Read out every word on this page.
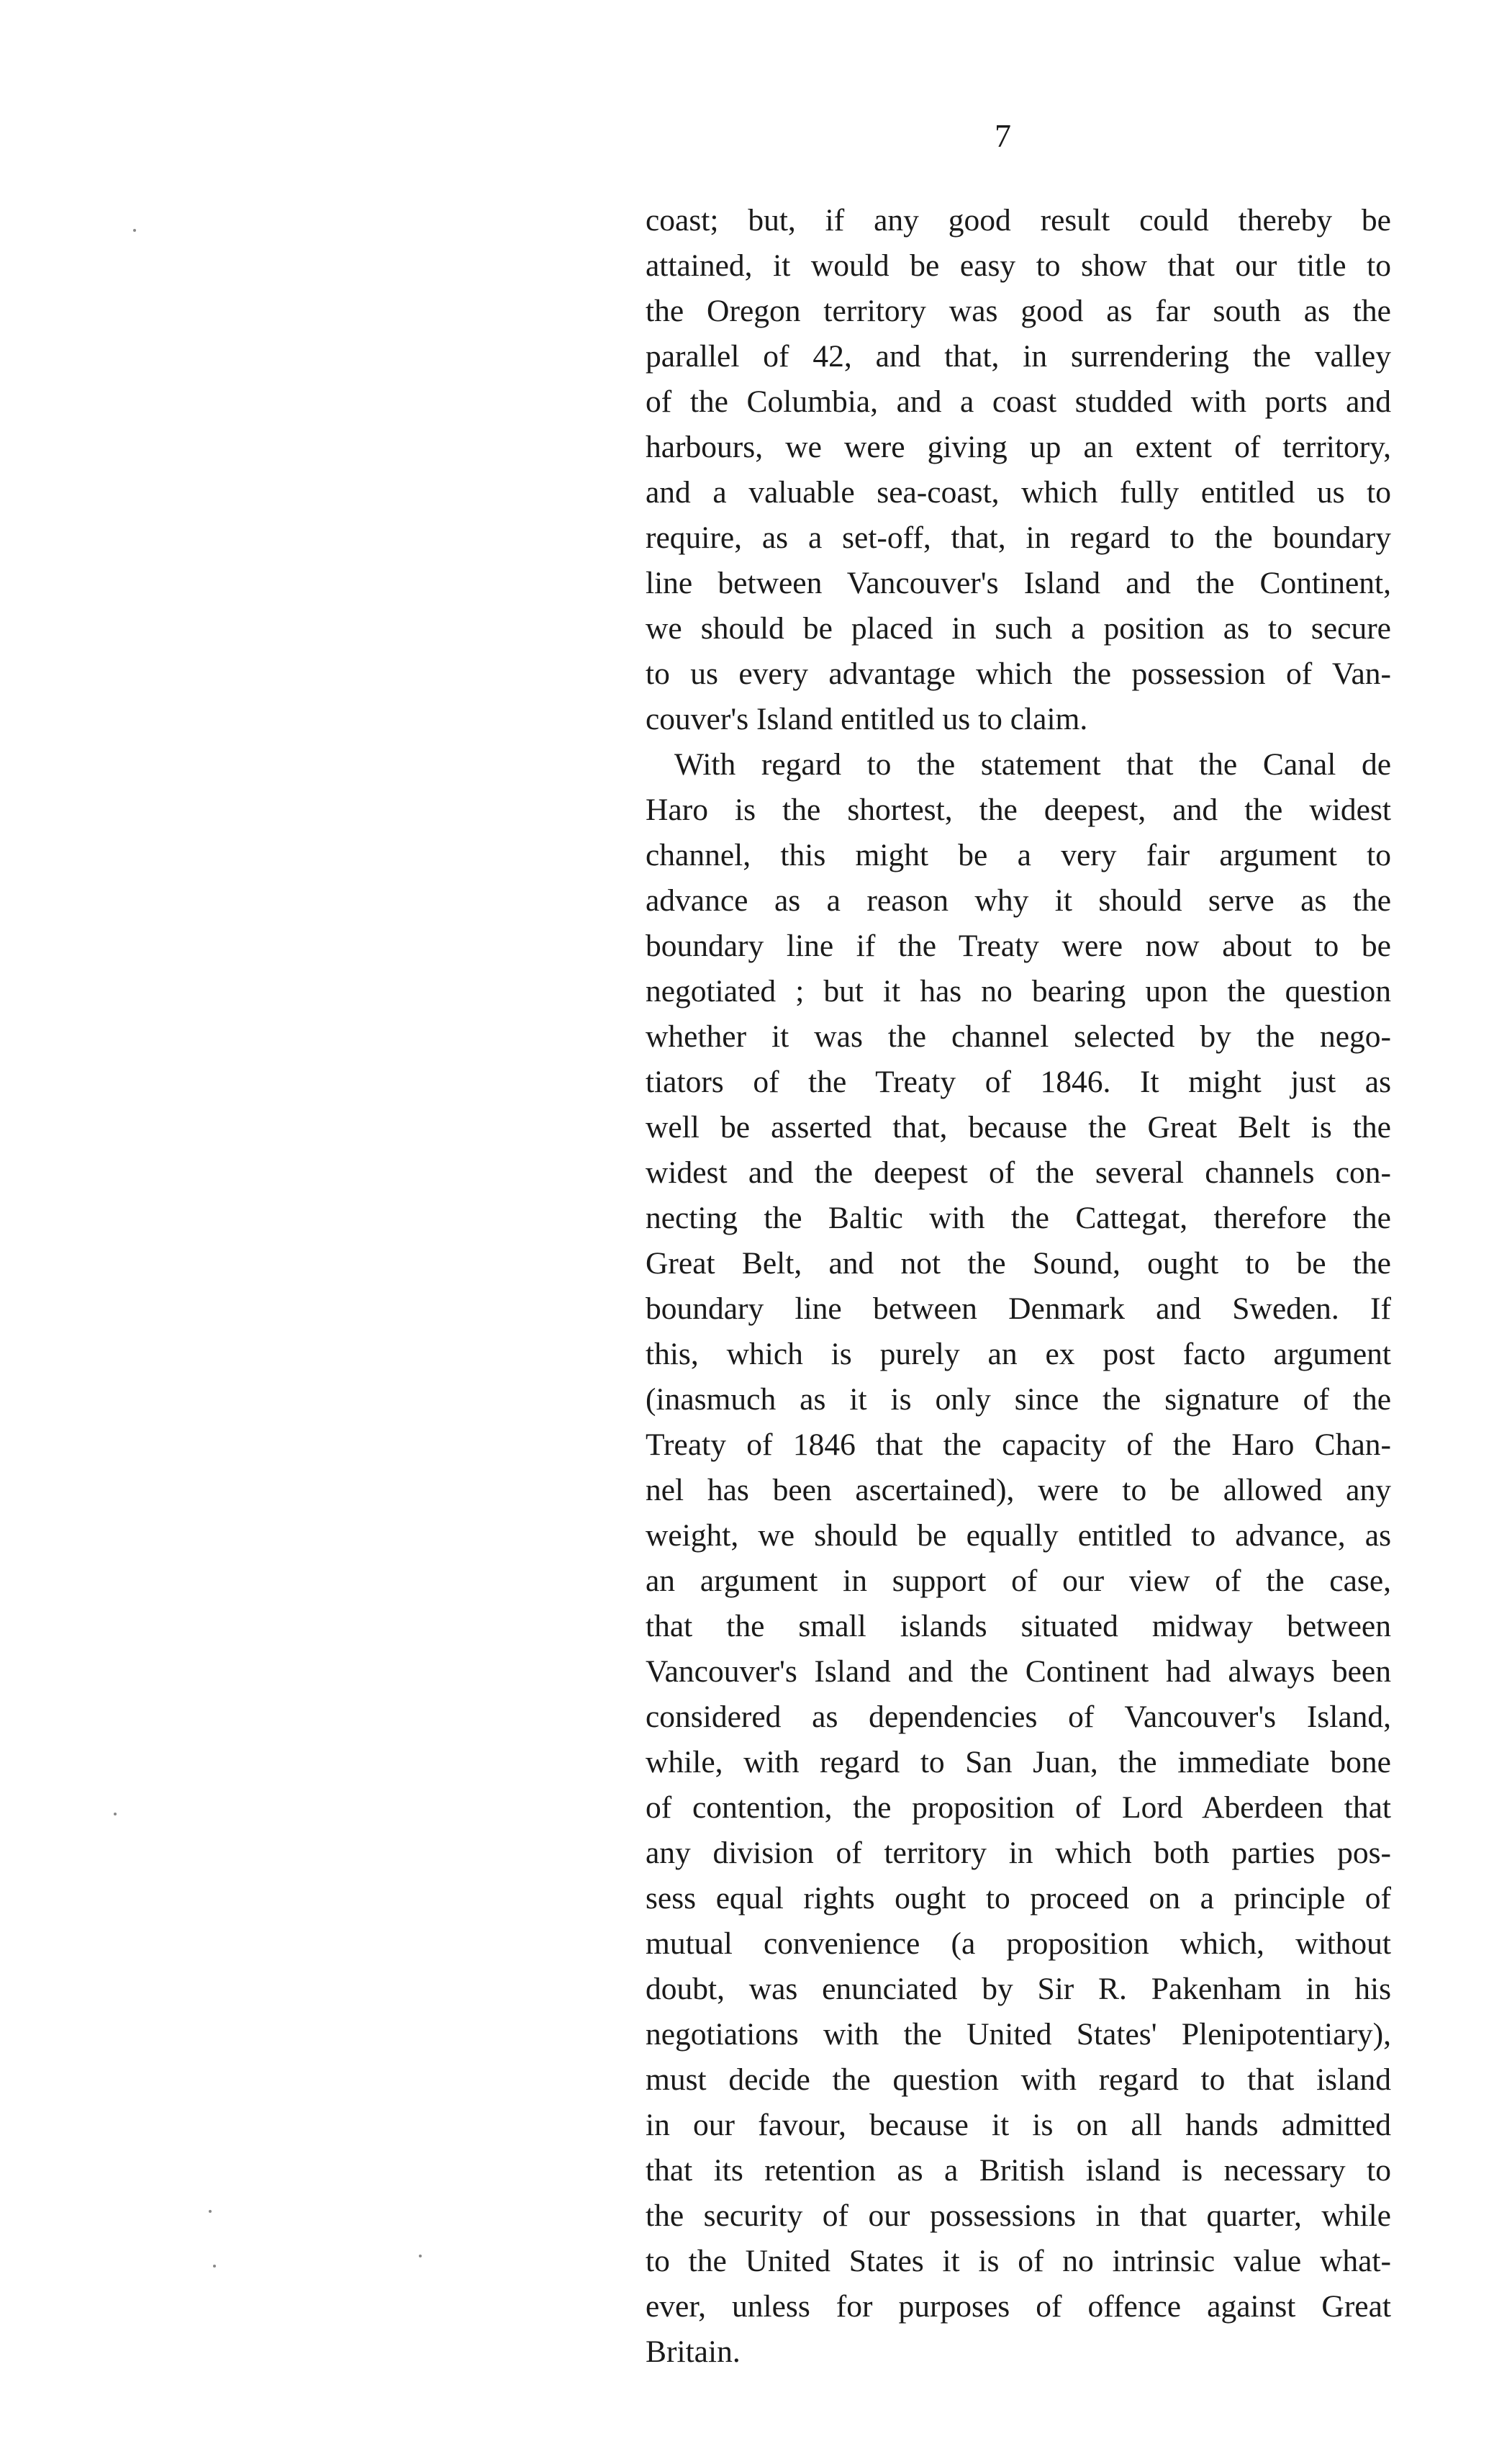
7
coast; but, if any good result could thereby be
attained, it would be easy to show that our title to
the Oregon territory was good as far south as the
parallel of 42, and that, in surrendering the valley
of the Columbia, and a coast studded with ports and
harbours, we were giving up an extent of territory,
and a valuable sea-coast, which fully entitled us to
require, as a set-off, that, in regard to the boundary
line between Vancouver's Island and the Continent,
we should be placed in such a position as to secure
to us every advantage which the possession of Van-
couver's Island entitled us to claim.
With regard to the statement that the Canal de
Haro is the shortest, the deepest, and the widest
channel, this might be a very fair argument to
advance as a reason why it should serve as the
boundary line if the Treaty were now about to be
negotiated ; but it has no bearing upon the question
whether it was the channel selected by the nego-
tiators of the Treaty of 1846. It might just as
well be asserted that, because the Great Belt is the
widest and the deepest of the several channels con-
necting the Baltic with the Cattegat, therefore the
Great Belt, and not the Sound, ought to be the
boundary line between Denmark and Sweden. If
this, which is purely an ex post facto argument
(inasmuch as it is only since the signature of the
Treaty of 1846 that the capacity of the Haro Chan-
nel has been ascertained), were to be allowed any
weight, we should be equally entitled to advance, as
an argument in support of our view of the case,
that the small islands situated midway between
Vancouver's Island and the Continent had always been
considered as dependencies of Vancouver's Island,
while, with regard to San Juan, the immediate bone
of contention, the proposition of Lord Aberdeen that
any division of territory in which both parties pos-
sess equal rights ought to proceed on a principle of
mutual convenience (a proposition which, without
doubt, was enunciated by Sir R. Pakenham in his
negotiations with the United States' Plenipotentiary),
must decide the question with regard to that island
in our favour, because it is on all hands admitted
that its retention as a British island is necessary to
the security of our possessions in that quarter, while
to the United States it is of no intrinsic value what-
ever, unless for purposes of offence against Great
Britain.
